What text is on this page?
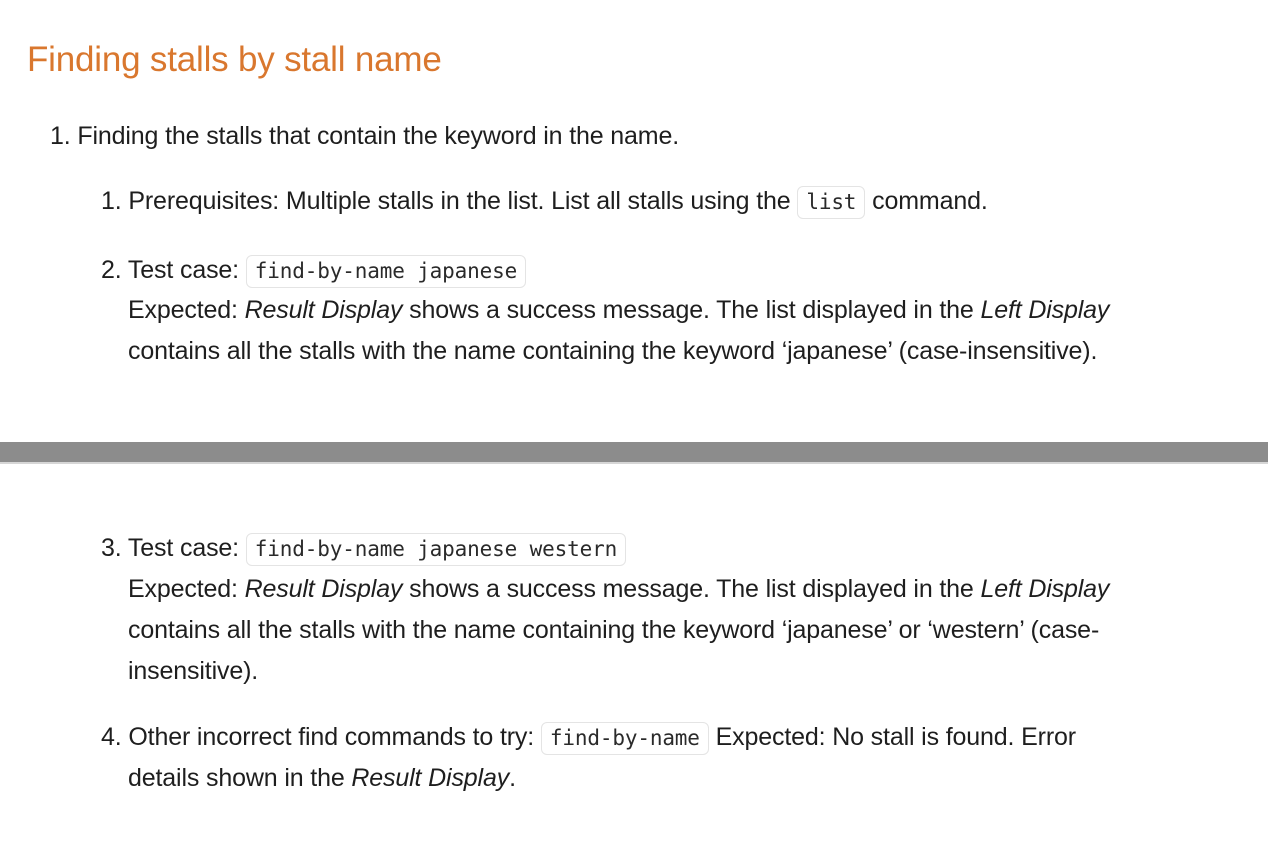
Finding stalls by stall name
1. Finding the stalls that contain the keyword in the name.
1. Prerequisites: Multiple stalls in the list. List all stalls using the list command.
2. Test case: find-by-name japanese
Expected: Result Display shows a success message. The list displayed in the Left Display
contains all the stalls with the name containing the keyword ‘japanese’ (case-insensitive).
3. Test case: find-by-name japanese western
Expected: Result Display shows a success message. The list displayed in the Left Display
contains all the stalls with the name containing the keyword ‘japanese’ or ‘western’ (case-
insensitive).
4. Other incorrect find commands to try: find-by-name Expected: No stall is found. Error
details shown in the Result Display.
